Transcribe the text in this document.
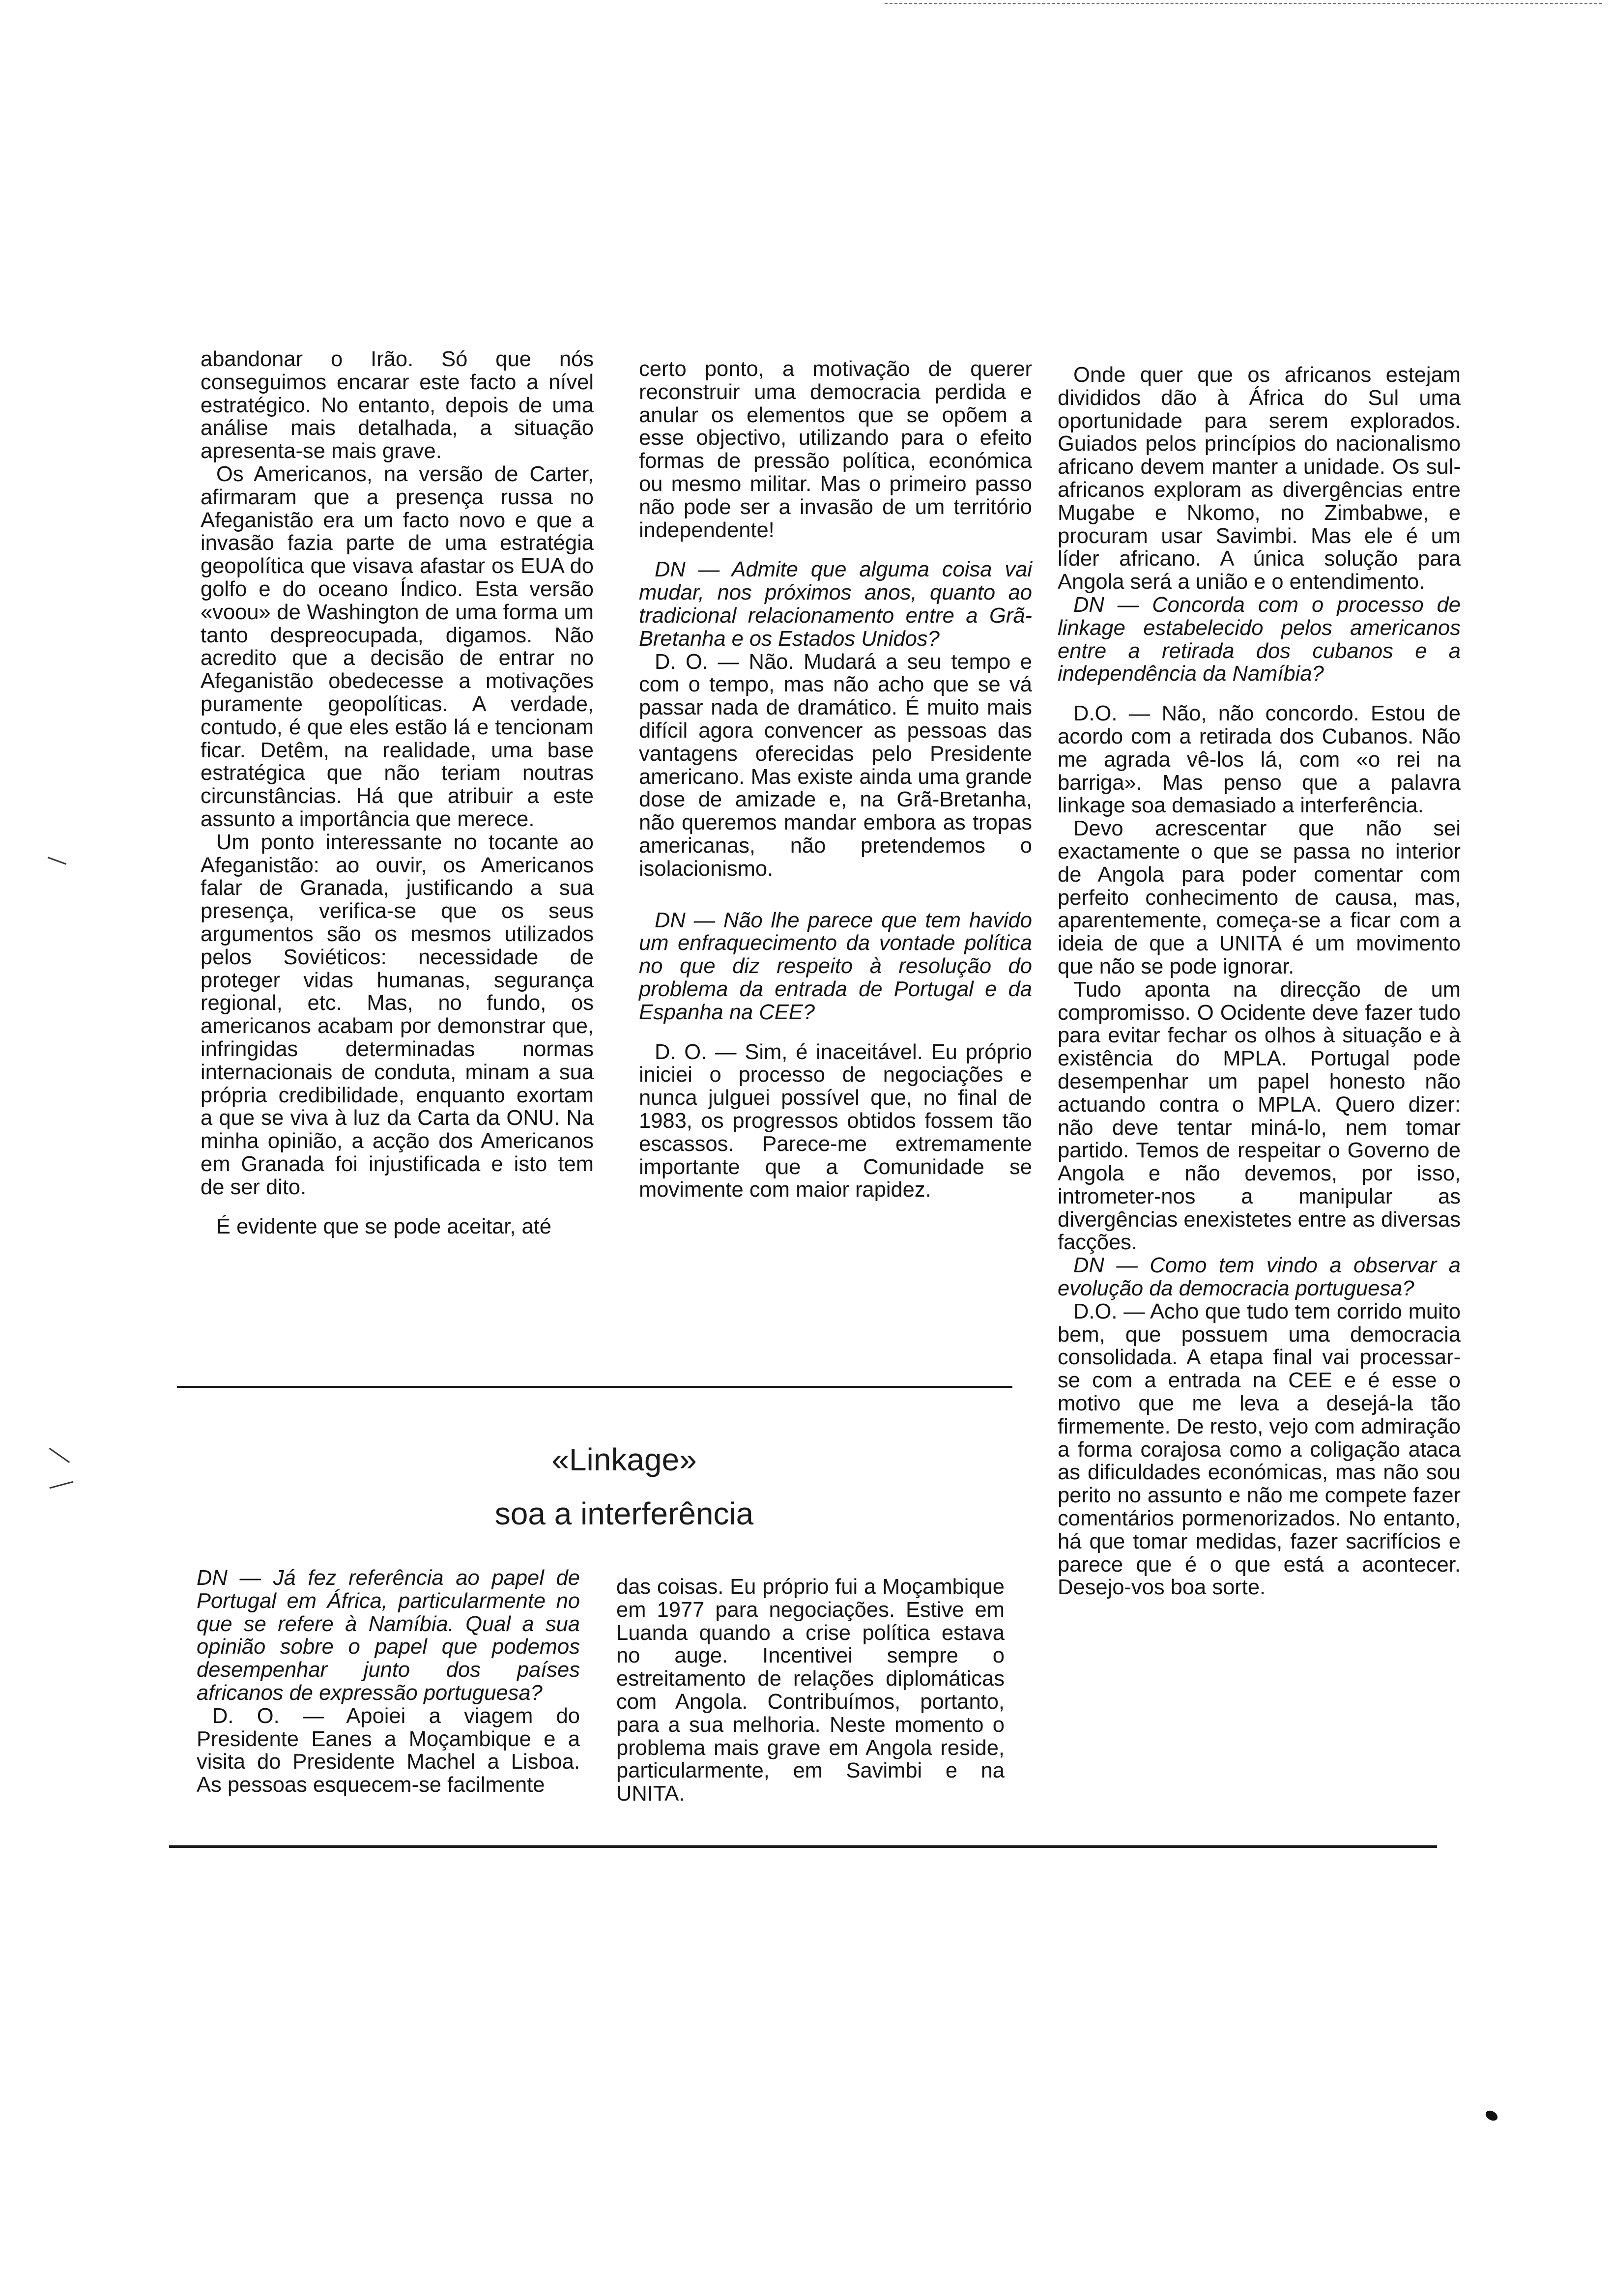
abandonar o Irão. Só que nós conseguimos encarar este facto a nível estratégico. No entanto, depois de uma análise mais detalhada, a situação apresenta-se mais grave.

Os Americanos, na versão de Carter, afirmaram que a presença russa no Afeganistão era um facto novo e que a invasão fazia parte de uma estratégia geopolítica que visava afastar os EUA do golfo e do oceano Índico. Esta versão «voou» de Washington de uma forma um tanto despreocupada, digamos. Não acredito que a decisão de entrar no Afeganistão obedecesse a motivações puramente geopolíticas. A verdade, contudo, é que eles estão lá e tencionam ficar. Detêm, na realidade, uma base estratégica que não teriam noutras circunstâncias. Há que atribuir a este assunto a importância que merece.

Um ponto interessante no tocante ao Afeganistão: ao ouvir, os Americanos falar de Granada, justificando a sua presença, verifica-se que os seus argumentos são os mesmos utilizados pelos Soviéticos: necessidade de proteger vidas humanas, segurança regional, etc. Mas, no fundo, os americanos acabam por demonstrar que, infringidas determinadas normas internacionais de conduta, minam a sua própria credibilidade, enquanto exortam a que se viva à luz da Carta da ONU. Na minha opinião, a acção dos Americanos em Granada foi injustificada e isto tem de ser dito.

É evidente que se pode aceitar, até

certo ponto, a motivação de querer reconstruir uma democracia perdida e anular os elementos que se opõem a esse objectivo, utilizando para o efeito formas de pressão política, económica ou mesmo militar. Mas o primeiro passo não pode ser a invasão de um território independente!

DN — Admite que alguma coisa vai mudar, nos próximos anos, quanto ao tradicional relacionamento entre a Grã-Bretanha e os Estados Unidos?

D. O. — Não. Mudará a seu tempo e com o tempo, mas não acho que se vá passar nada de dramático. É muito mais difícil agora convencer as pessoas das vantagens oferecidas pelo Presidente americano. Mas existe ainda uma grande dose de amizade e, na Grã-Bretanha, não queremos mandar embora as tropas americanas, não pretendemos o isolacionismo.

DN — Não lhe parece que tem havido um enfraquecimento da vontade política no que diz respeito à resolução do problema da entrada de Portugal e da Espanha na CEE?

D. O. — Sim, é inaceitável. Eu próprio iniciei o processo de negociações e nunca julguei possível que, no final de 1983, os progressos obtidos fossem tão escassos. Parece-me extremamente importante que a Comunidade se movimente com maior rapidez.

Onde quer que os africanos estejam divididos dão à África do Sul uma oportunidade para serem explorados. Guiados pelos princípios do nacionalismo africano devem manter a unidade. Os sul-africanos exploram as divergências entre Mugabe e Nkomo, no Zimbabwe, e procuram usar Savimbi. Mas ele é um líder africano. A única solução para Angola será a união e o entendimento.

DN — Concorda com o processo de linkage estabelecido pelos americanos entre a retirada dos cubanos e a independência da Namíbia?

D.O. — Não, não concordo. Estou de acordo com a retirada dos Cubanos. Não me agrada vê-los lá, com «o rei na barriga». Mas penso que a palavra linkage soa demasiado a interferência.

Devo acrescentar que não sei exactamente o que se passa no interior de Angola para poder comentar com perfeito conhecimento de causa, mas, aparentemente, começa-se a ficar com a ideia de que a UNITA é um movimento que não se pode ignorar.

Tudo aponta na direcção de um compromisso. O Ocidente deve fazer tudo para evitar fechar os olhos à situação e à existência do MPLA. Portugal pode desempenhar um papel honesto não actuando contra o MPLA. Quero dizer: não deve tentar miná-lo, nem tomar partido. Temos de respeitar o Governo de Angola e não devemos, por isso, intrometer-nos a manipular as divergências enexistetes entre as diversas facções.

DN — Como tem vindo a observar a evolução da democracia portuguesa?

D.O. — Acho que tudo tem corrido muito bem, que possuem uma democracia consolidada. A etapa final vai processar-se com a entrada na CEE e é esse o motivo que me leva a desejá-la tão firmemente. De resto, vejo com admiração a forma corajosa como a coligação ataca as dificuldades económicas, mas não sou perito no assunto e não me compete fazer comentários pormenorizados. No entanto, há que tomar medidas, fazer sacrifícios e parece que é o que está a acontecer. Desejo-vos boa sorte.

«Linkage»
soa a interferência

DN — Já fez referência ao papel de Portugal em África, particularmente no que se refere à Namíbia. Qual a sua opinião sobre o papel que podemos desempenhar junto dos países africanos de expressão portuguesa?

D. O. — Apoiei a viagem do Presidente Eanes a Moçambique e a visita do Presidente Machel a Lisboa. As pessoas esquecem-se facilmente

das coisas. Eu próprio fui a Moçambique em 1977 para negociações. Estive em Luanda quando a crise política estava no auge. Incentivei sempre o estreitamento de relações diplomáticas com Angola. Contribuímos, portanto, para a sua melhoria. Neste momento o problema mais grave em Angola reside, particularmente, em Savimbi e na UNITA.
